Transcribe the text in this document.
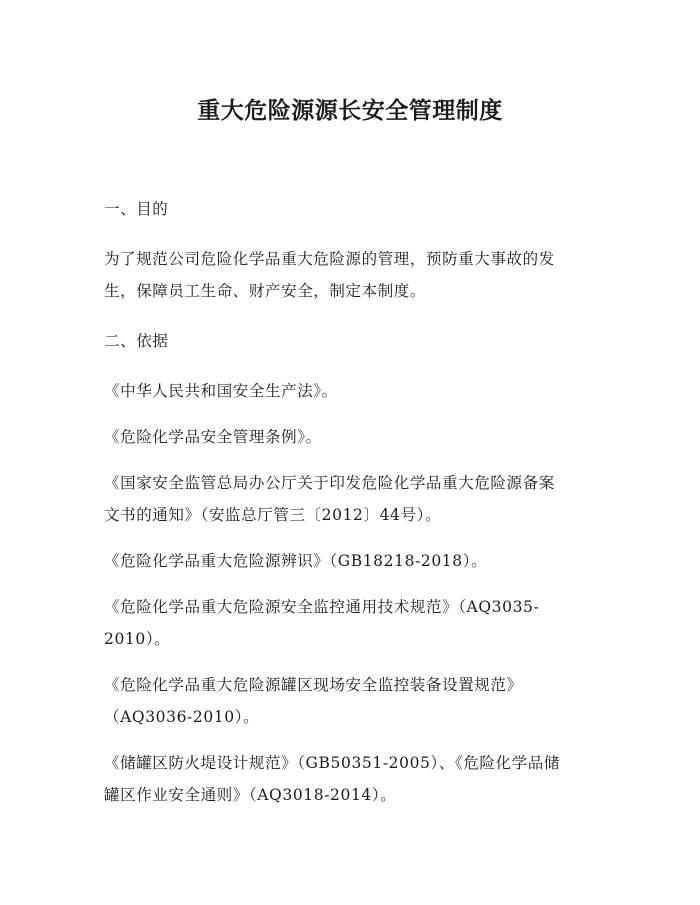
重大危险源源长安全管理制度

一、目的

为了规范公司危险化学品重大危险源的管理，预防重大事故的发
生，保障员工生命、财产安全，制定本制度。

二、依据

《中华人民共和国安全生产法》。

《危险化学品安全管理条例》。

《国家安全监管总局办公厅关于印发危险化学品重大危险源备案
文书的通知》（安监总厅管三〔2012〕44号）。

《危险化学品重大危险源辨识》（GB18218-2018）。

《危险化学品重大危险源安全监控通用技术规范》（AQ3035-
2010）。

《危险化学品重大危险源罐区现场安全监控装备设置规范》
（AQ3036-2010）。

《储罐区防火堤设计规范》（GB50351-2005）、《危险化学品储
罐区作业安全通则》（AQ3018-2014）。
